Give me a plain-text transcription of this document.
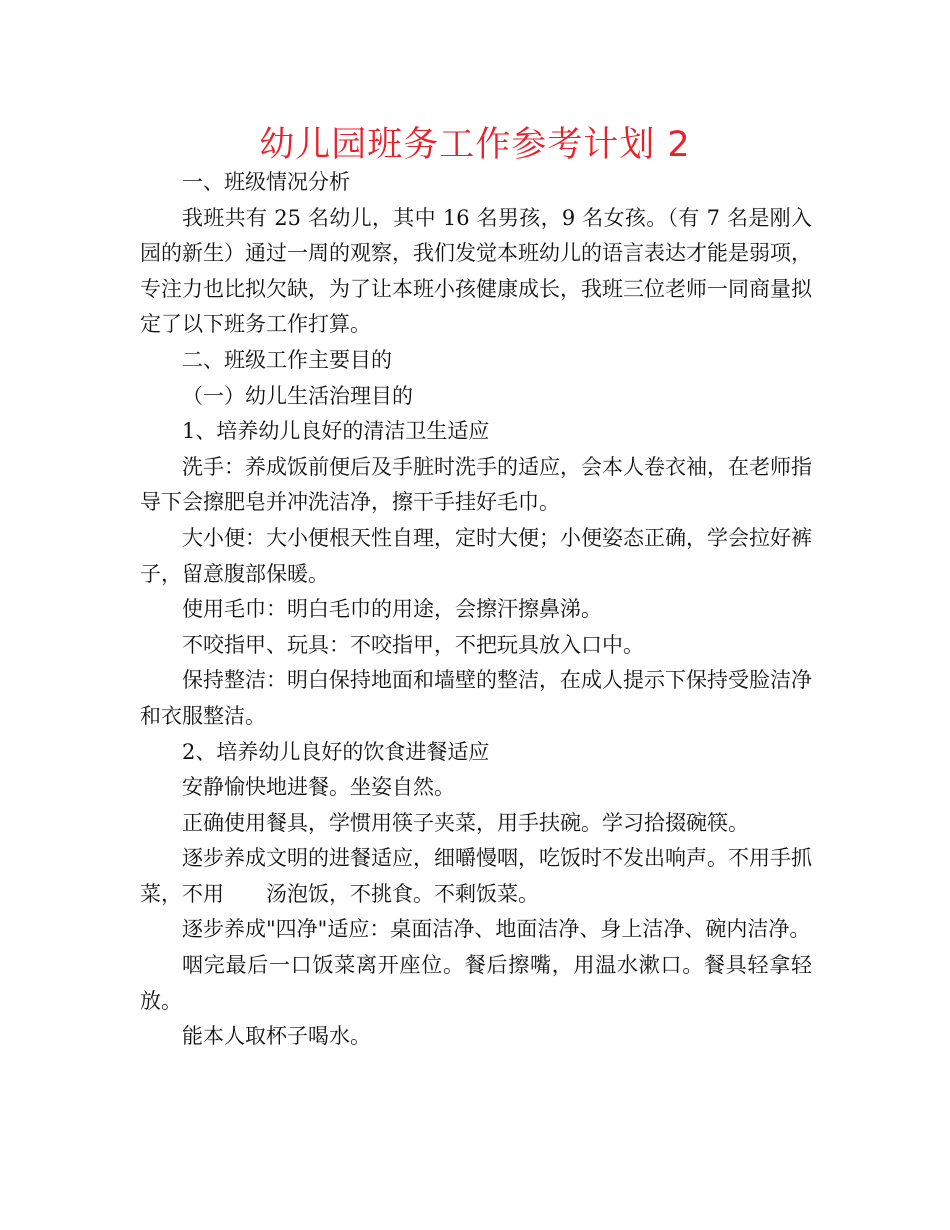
幼儿园班务工作参考计划 2

一、班级情况分析

我班共有 25 名幼儿，其中 16 名男孩，9 名女孩。（有 7 名是刚入园的新生）通过一周的观察，我们发觉本班幼儿的语言表达才能是弱项，专注力也比拟欠缺，为了让本班小孩健康成长，我班三位老师一同商量拟定了以下班务工作打算。

二、班级工作主要目的

（一）幼儿生活治理目的

1、培养幼儿良好的清洁卫生适应

洗手：养成饭前便后及手脏时洗手的适应，会本人卷衣袖，在老师指导下会擦肥皂并冲洗洁净，擦干手挂好毛巾。

大小便：大小便根天性自理，定时大便；小便姿态正确，学会拉好裤子，留意腹部保暖。

使用毛巾：明白毛巾的用途，会擦汗擦鼻涕。

不咬指甲、玩具：不咬指甲，不把玩具放入口中。

保持整洁：明白保持地面和墙壁的整洁，在成人提示下保持受脸洁净和衣服整洁。

2、培养幼儿良好的饮食进餐适应

安静愉快地进餐。坐姿自然。

正确使用餐具，学惯用筷子夹菜，用手扶碗。学习拾掇碗筷。

逐步养成文明的进餐适应，细嚼慢咽，吃饭时不发出响声。不用手抓菜，不用　　汤泡饭，不挑食。不剩饭菜。

逐步养成"四净"适应：桌面洁净、地面洁净、身上洁净、碗内洁净。

咽完最后一口饭菜离开座位。餐后擦嘴，用温水漱口。餐具轻拿轻放。

能本人取杯子喝水。
